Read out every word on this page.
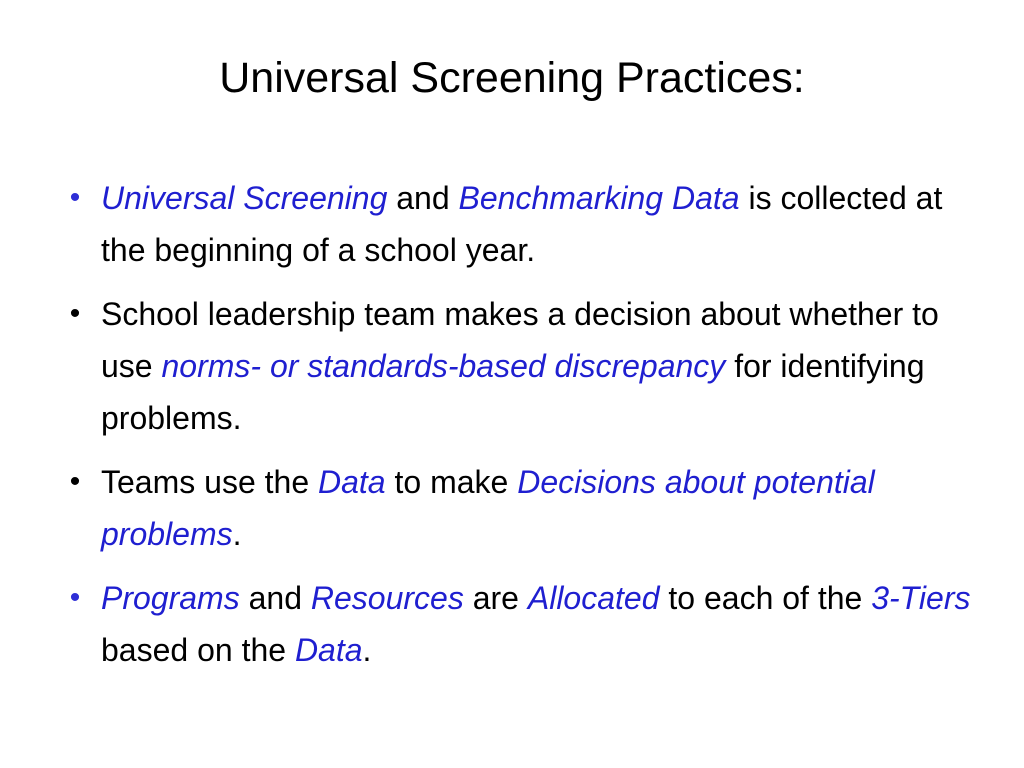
Universal Screening Practices:
• Universal Screening and Benchmarking Data is collected at the beginning of a school year.
• School leadership team makes a decision about whether to use norms- or standards-based discrepancy for identifying problems.
• Teams use the Data to make Decisions about potential problems.
• Programs and Resources are Allocated to each of the 3-Tiers based on the Data.
